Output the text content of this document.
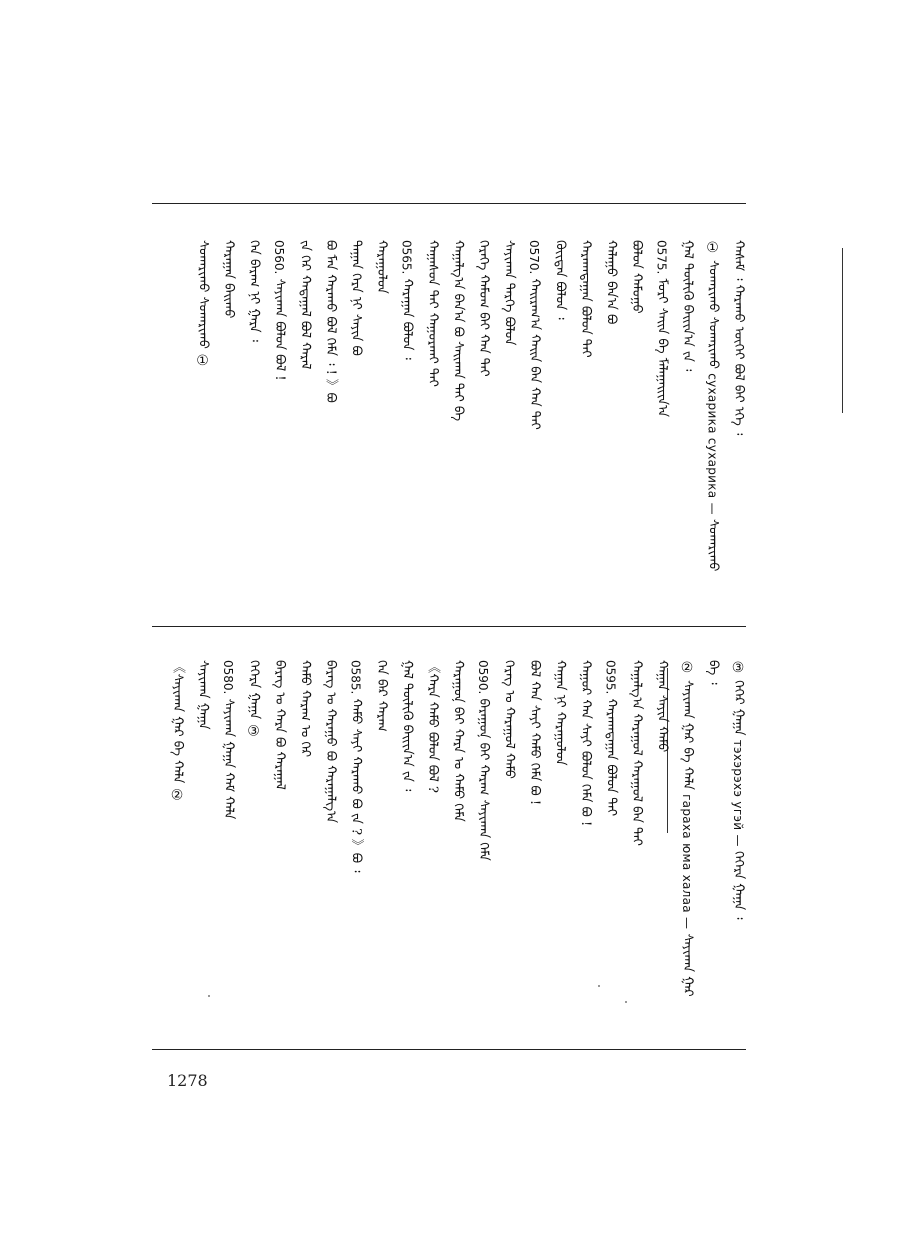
ᠬᠠᠰᠠᠮ ᠄ ᠬᠠᠷᠠᠬᠤ ᠦᠭᠡᠢ ᠪᠣᠯ ᠪᠠᠢ ᠡᠭᠡ ᠄
① ᠰᠤᠬᠠᠷᠢᠬᠤ ᠰᠤᠬᠠᠷᠢᠬᠤ сухарика сухарика — ᠰᠤᠬᠠᠷᠢᠬᠤ
ᠭᠠᠯ ᠲᠦᠯᠢᠬᠦ ᠪᠠᠢᠢᠨ᠎ᠠ ᠵᠡ ᠄
0575. ᠮᠣᠷᠢ ᠰᠠᠢᠨ ᠪᠡ ᠮᠠᠯᠠᠭᠠᠢᠢᠨ᠎ᠠ
ᠪᠣᠯᠤᠨ ᠬᠠᠮᠤᠭᠤ
ᠬᠠᠯᠠᠭᠤ ᠪᠠᠨ᠎ᠠ ᠪᠣ
ᠬᠠᠷᠠᠬᠠᠳᠠᠭᠠᠨ ᠪᠣᠯᠤᠨ ᠲᠠᠢ
ᠬᠦᠢᠳᠡᠨ ᠪᠣᠯᠤᠨ ᠄
0570. ᠬᠠᠢᠷᠠᠭ᠎ᠠ ᠬᠠᠢᠨ ᠪᠠᠨ ᠬᠠᠨ ᠲᠠᠢ
ᠰᠠᠶᠢᠬᠠᠨ ᠲᠡᠷᠭᠡ ᠪᠣᠯᠤᠨ
ᠬᠡᠷᠡᠭᠡ ᠬᠠᠮᠤᠭ ᠪᠠᠢ ᠬᠠᠨ ᠲᠠᠢ
ᠬᠠᠭᠠᠯᠭ᠎ᠠ ᠪᠠᠨ᠎ᠠ ᠪᠣ ᠰᠠᠢᠬᠠᠨ ᠲᠠᠢ ᠪᠡ
ᠬᠠᠭᠠᠰᠤᠨ ᠲᠠᠢ ᠬᠠᠭᠤᠷᠬᠠᠢ ᠲᠡᠢ
0565. ᠬᠠᠷᠠᠭᠠᠨ ᠪᠣᠯᠤᠨ ᠄
ᠬᠠᠷᠠᠭᠤᠯᠤᠨ
ᠲᠠᠭᠠᠨ ᠬᠡᠷᠡ ᠨᠢ ᠰᠠᠶᠢᠨ ᠪᠣ
ᠪᠣ ᠮᠠᠨ ᠬᠠᠷᠠᠬᠤ ᠪᠣᠯ ᠬᠡᠮᠡ ᠄ ! 》ᠪᠣ
ᠵᠠ ᠬᠡᠷ ᠬᠠᠳᠠᠭᠠᠯ ᠪᠣᠯ ᠬᠠᠷᠠᠯ
0560. ᠰᠠᠶᠢᠬᠠᠨ ᠪᠣᠯᠤᠨ ᠪᠣᠯ !
ᠬᠡᠨ ᠪᠠᠷᠠᠭ ᠨᠢ ᠭᠠᠷᠠ ᠄
ᠬᠠᠷᠠᠭᠠᠨ ᠪᠠᠢᠬᠤ
ᠰᠤᠬᠠᠷᠢᠬᠤ ᠰᠤᠬᠠᠷᠢᠬᠤ ①
③ ᠬᠡᠭᠡᠷ ᠭᠠᠭᠠ тэхэрэхэ угэй — ᠬᠡᠭᠡᠷᠡ ᠭᠠᠭᠠ ᠄
ᠪᠡ ᠄
② ᠰᠠᠶᠢᠬᠠᠨ ᠭᠠᠷ ᠪᠠ ᠬᠠᠯᠠ гараха юма халаа — ᠰᠠᠶᠢᠬᠠᠨ ᠭᠠᠷ
ᠬᠠᠭᠠᠨ ᠰᠠᠶᠢᠨ ᠬᠠᠮᠣ
ᠬᠠᠭᠠᠯᠭ᠎ᠠ ᠬᠠᠷᠠᠭᠤᠯ ᠬᠠᠷᠠᠭᠤᠯ ᠪᠠᠨ ᠲᠠᠢ
0595. ᠬᠠᠷᠠᠬᠠᠳᠠᠭᠠᠨ ᠪᠣᠯᠤᠨ ᠲᠠᠢ
ᠬᠠᠭᠤᠷ ᠬᠠᠨ ᠰᠠᠶᠢ ᠪᠣᠯᠤᠨ ᠬᠡᠮᠡ ᠪᠣ !
ᠬᠠᠭᠠᠨ ᠨᠢ ᠬᠠᠷᠠᠭᠤᠯᠤᠨ
ᠪᠣᠯ ᠬᠠᠨ ᠰᠠᠶᠢ ᠬᠠᠮᠣ ᠬᠡᠮᠡ ᠪᠣ !
ᠬᠡᠷᠡᠭ ᠣ ᠬᠠᠷᠠᠭᠤᠯ ᠬᠠᠮᠣ
0590. ᠪᠠᠷᠠᠭᠤᠨ᠋ ᠪᠠᠢ ᠬᠠᠷᠠᠭ ᠰᠠᠶᠢᠬᠠᠨ ᠬᠡᠮᠡ
ᠬᠠᠷᠠᠭᠤᠨ᠋ ᠪᠠᠢ ᠬᠠᠷᠠ ᠣ ᠬᠠᠮᠣ ᠬᠡᠮᠡ
《ᠬᠠᠷᠠ ᠬᠠᠮᠣ ᠪᠣᠯᠤᠨ ᠪᠣᠯ ?
ᠭᠠᠯ ᠲᠦᠯᠢᠬᠦ ᠪᠠᠢᠢᠨ᠎ᠠ ᠵᠡ ᠄
ᠬᠡᠨ ᠪᠠᠷ ᠬᠠᠷᠠᠭ
0585. ᠬᠠᠮᠣ ᠰᠠᠶᠢ ᠬᠠᠷᠠᠬᠤ ᠪᠣ ᠵᠠ ? 》ᠪᠣ ᠄
ᠪᠡᠷᠡᠭ ᠣ ᠬᠠᠷᠠᠭᠤ ᠪᠣ ᠬᠠᠷᠠᠭᠠᠯᠭ᠎ᠠ
ᠬᠠᠮᠣ ᠬᠠᠷᠠᠭ ᠣ ᠬᠡᠷ
ᠪᠡᠷᠡᠭ ᠣ ᠬᠠᠷᠠ ᠪᠣ ᠬᠠᠷᠠᠭᠠᠯ
ᠬᠡᠭᠡᠷᠡ ᠭᠠᠭᠠ ③
0580. ᠰᠠᠶᠢᠬᠠᠨ ᠭᠠᠭᠠ ᠬᠠᠮ ᠬᠠᠯᠠ
ᠰᠠᠶᠢᠬᠠᠨ ᠭᠠᠭᠠ
《ᠰᠠᠶᠢᠬᠠᠨ ᠭᠠᠷ ᠪᠠ ᠬᠠᠯᠠ ②
1278
